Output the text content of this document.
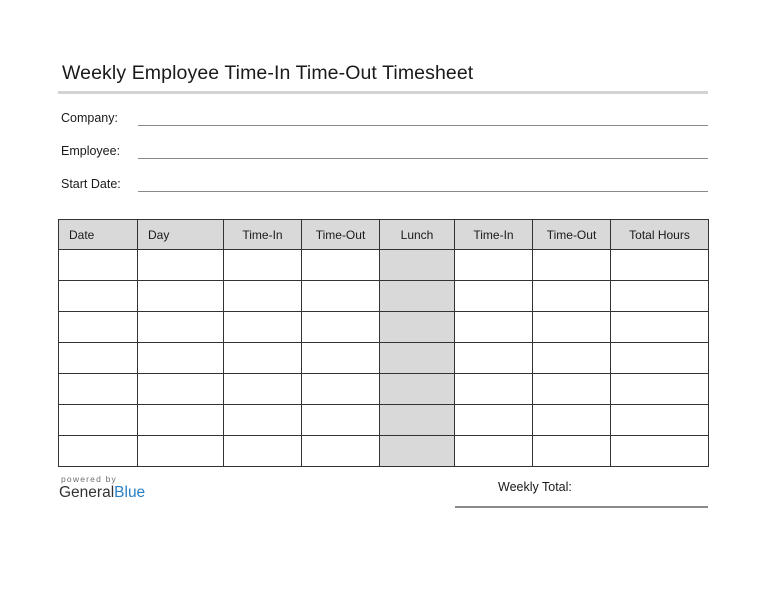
Weekly Employee Time-In Time-Out Timesheet
Company:
Employee:
Start Date:
Date	Day	Time-In	Time-Out	Lunch	Time-In	Time-Out	Total Hours

powered by
GeneralBlue	Weekly Total:
